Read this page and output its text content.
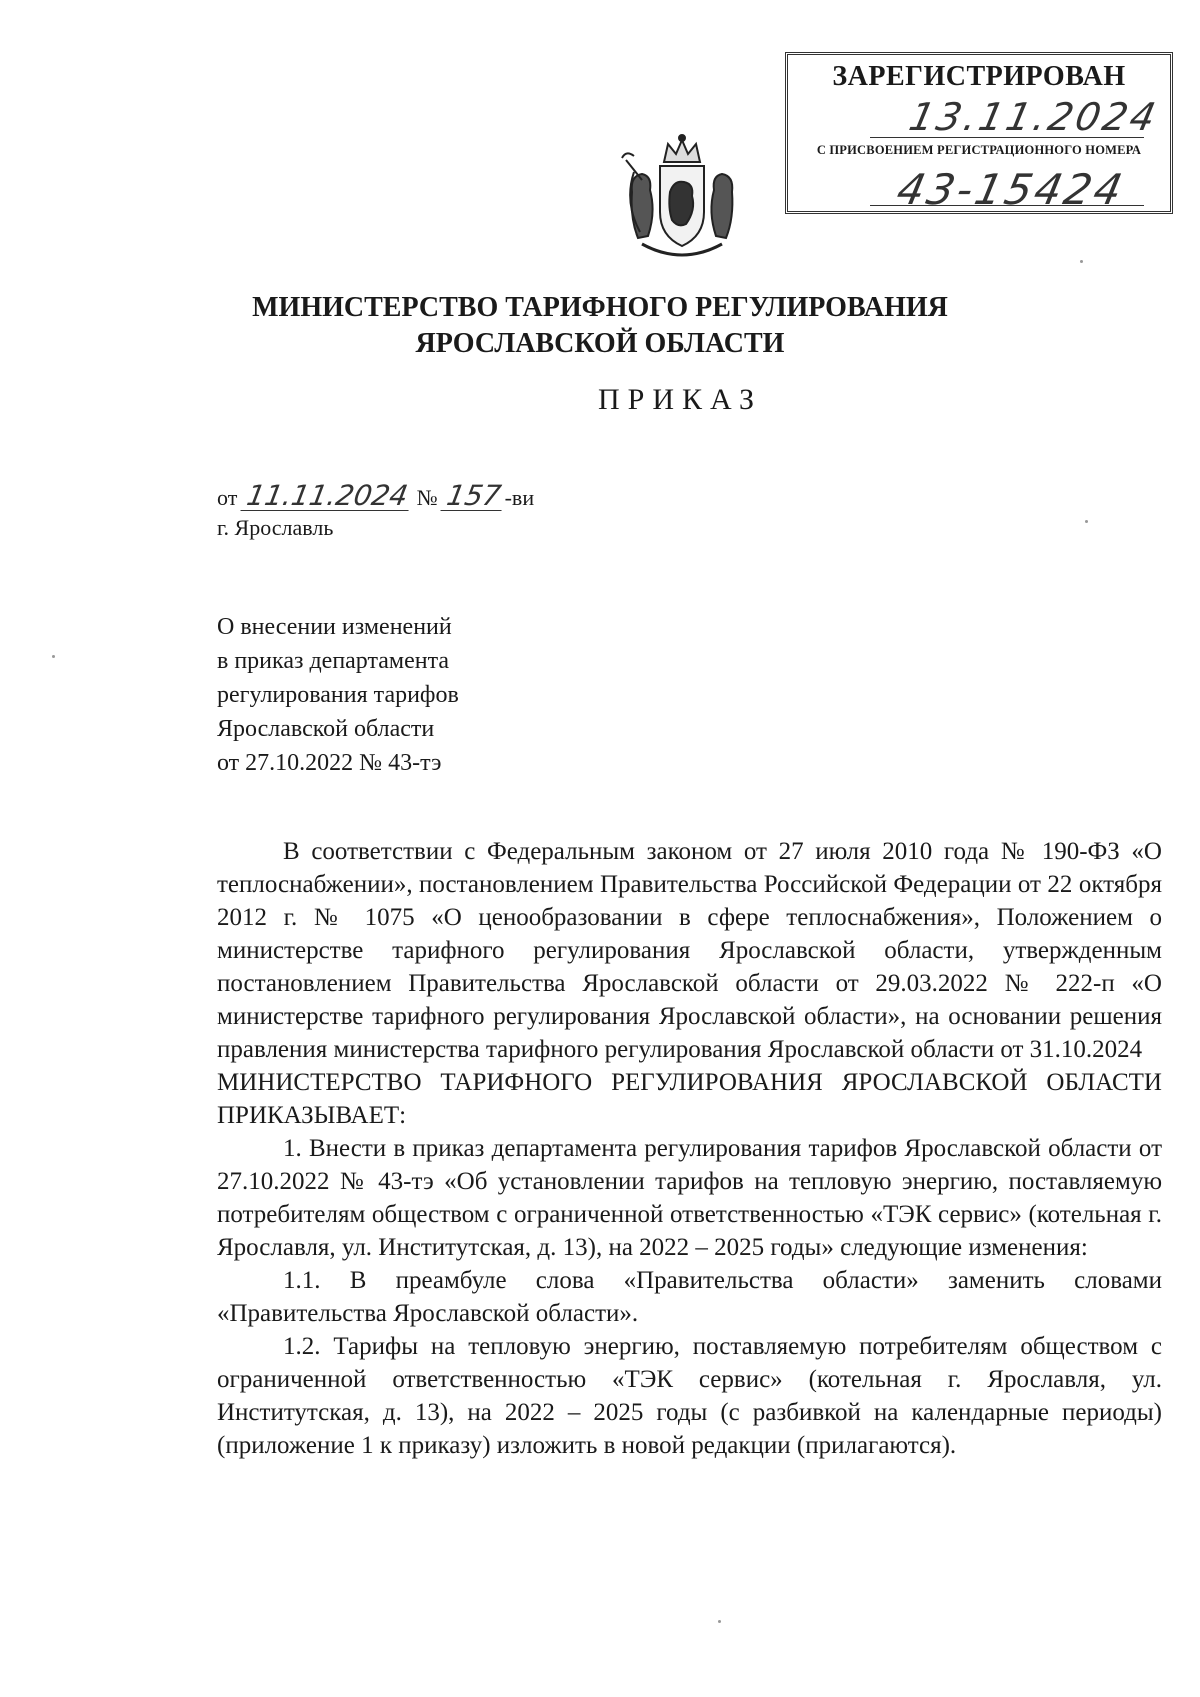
ЗАРЕГИСТРИРОВАН
13.11.2024
С ПРИСВОЕНИЕМ РЕГИСТРАЦИОННОГО НОМЕРА
43-15424
МИНИСТЕРСТВО ТАРИФНОГО РЕГУЛИРОВАНИЯ
ЯРОСЛАВСКОЙ ОБЛАСТИ
ПРИКАЗ
от 11.11.2024 № 157-ви
г. Ярославль
О внесении изменений
в приказ департамента
регулирования тарифов
Ярославской области
от 27.10.2022 № 43-тэ

В соответствии с Федеральным законом от 27 июля 2010 года № 190-ФЗ «О теплоснабжении», постановлением Правительства Российской Федерации от 22 октября 2012 г. № 1075 «О ценообразовании в сфере теплоснабжения», Положением о министерстве тарифного регулирования Ярославской области, утвержденным постановлением Правительства Ярославской области от 29.03.2022 № 222-п «О министерстве тарифного регулирования Ярославской области», на основании решения правления министерства тарифного регулирования Ярославской области от 31.10.2024

МИНИСТЕРСТВО ТАРИФНОГО РЕГУЛИРОВАНИЯ ЯРОСЛАВСКОЙ ОБЛАСТИ ПРИКАЗЫВАЕТ:

1. Внести в приказ департамента регулирования тарифов Ярославской области от 27.10.2022 № 43-тэ «Об установлении тарифов на тепловую энергию, поставляемую потребителям обществом с ограниченной ответственностью «ТЭК сервис» (котельная г. Ярославля, ул. Институтская, д. 13), на 2022 – 2025 годы» следующие изменения:

1.1. В преамбуле слова «Правительства области» заменить словами «Правительства Ярославской области».

1.2. Тарифы на тепловую энергию, поставляемую потребителям обществом с ограниченной ответственностью «ТЭК сервис» (котельная г. Ярославля, ул. Институтская, д. 13), на 2022 – 2025 годы (с разбивкой на календарные периоды) (приложение 1 к приказу) изложить в новой редакции (прилагаются).
